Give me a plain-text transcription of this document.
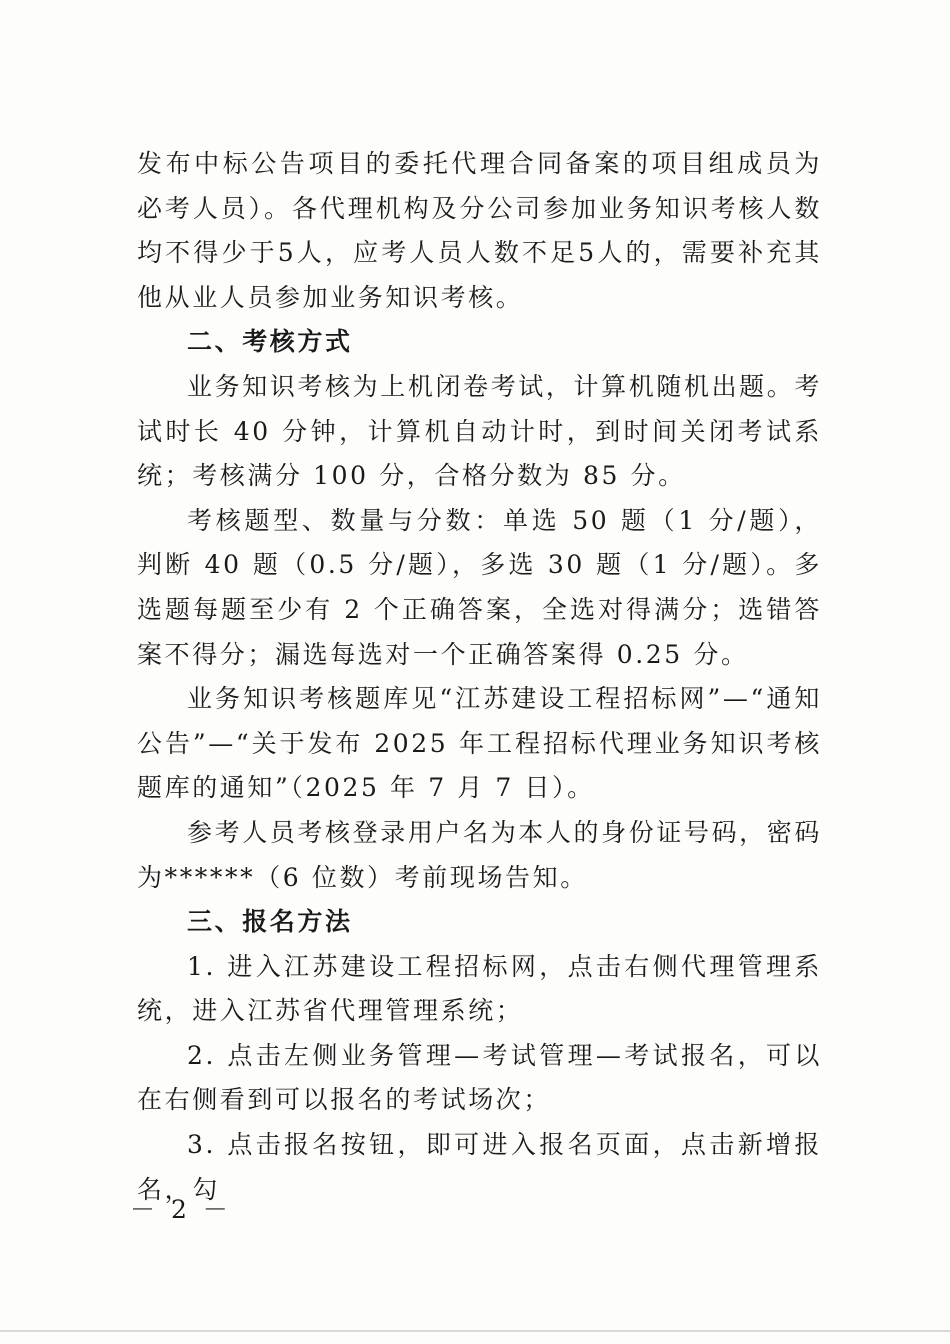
发布中标公告项目的委托代理合同备案的项目组成员为必考人员）。各代理机构及分公司参加业务知识考核人数均不得少于5人，应考人员人数不足5人的，需要补充其他从业人员参加业务知识考核。

二、考核方式

业务知识考核为上机闭卷考试，计算机随机出题。考试时长 40 分钟，计算机自动计时，到时间关闭考试系统；考核满分 100 分，合格分数为 85 分。

考核题型、数量与分数：单选 50 题（1 分/题），判断 40 题（0.5 分/题），多选 30 题（1 分/题）。多选题每题至少有 2 个正确答案，全选对得满分；选错答案不得分；漏选每选对一个正确答案得 0.25 分。

业务知识考核题库见“江苏建设工程招标网”—“通知公告”—“关于发布 2025 年工程招标代理业务知识考核题库的通知”（2025 年 7 月 7 日）。

参考人员考核登录用户名为本人的身份证号码，密码为******（6 位数）考前现场告知。

三、报名方法

1. 进入江苏建设工程招标网，点击右侧代理管理系统，进入江苏省代理管理系统；

2. 点击左侧业务管理—考试管理—考试报名，可以在右侧看到可以报名的考试场次；

3. 点击报名按钮，即可进入报名页面，点击新增报名，勾

－ 2 －
